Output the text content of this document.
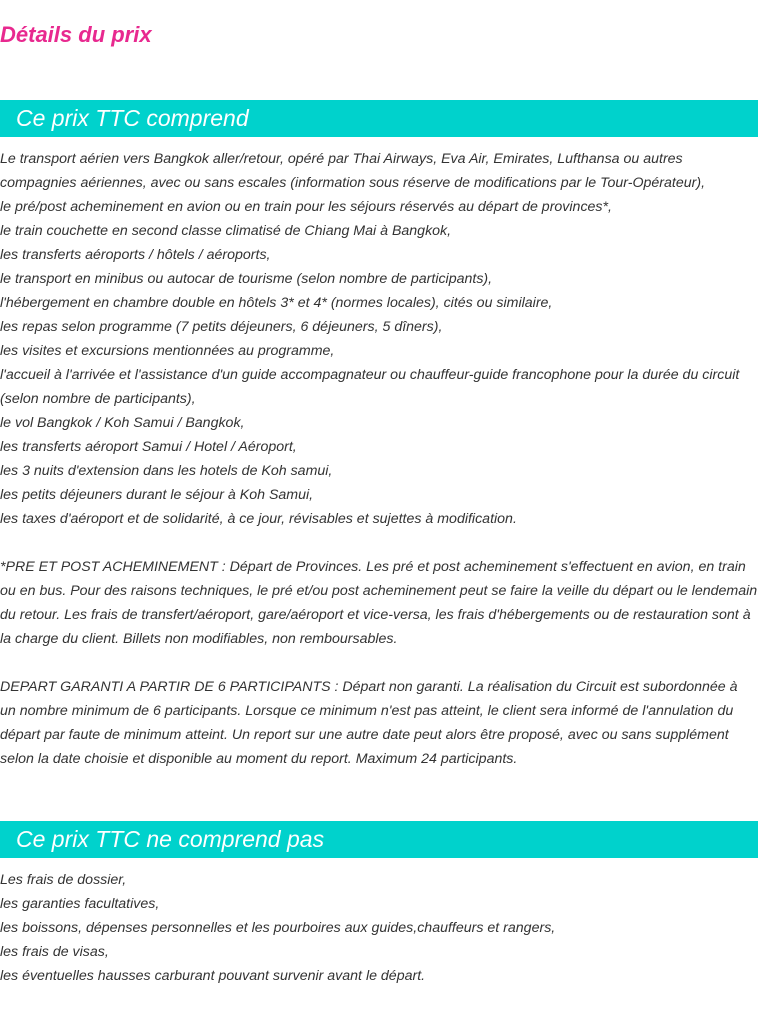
Détails du prix
Ce prix TTC comprend
Le transport aérien vers Bangkok aller/retour, opéré par Thai Airways, Eva Air, Emirates, Lufthansa ou autres
compagnies aériennes, avec ou sans escales (information sous réserve de modifications par le Tour-Opérateur),
le pré/post acheminement en avion ou en train pour les séjours réservés au départ de provinces*,
le train couchette en second classe climatisé de Chiang Mai à Bangkok,
les transferts aéroports / hôtels / aéroports,
le transport en minibus ou autocar de tourisme (selon nombre de participants),
l'hébergement en chambre double en hôtels 3* et 4* (normes locales), cités ou similaire,
les repas selon programme (7 petits déjeuners, 6 déjeuners, 5 dîners),
les visites et excursions mentionnées au programme,
l'accueil à l'arrivée et l'assistance d'un guide accompagnateur ou chauffeur-guide francophone pour la durée du circuit
(selon nombre de participants),
le vol Bangkok / Koh Samui / Bangkok,
les transferts aéroport Samui / Hotel / Aéroport,
les 3 nuits d'extension dans les hotels de Koh samui,
les petits déjeuners durant le séjour à Koh Samui,
les taxes d'aéroport et de solidarité, à ce jour, révisables et sujettes à modification.
*PRE ET POST ACHEMINEMENT : Départ de Provinces. Les pré et post acheminement s'effectuent en avion, en train
ou en bus. Pour des raisons techniques, le pré et/ou post acheminement peut se faire la veille du départ ou le lendemain
du retour. Les frais de transfert/aéroport, gare/aéroport et vice-versa, les frais d'hébergements ou de restauration sont à
la charge du client. Billets non modifiables, non remboursables.
DEPART GARANTI A PARTIR DE 6 PARTICIPANTS : Départ non garanti. La réalisation du Circuit est subordonnée à
un nombre minimum de 6 participants. Lorsque ce minimum n'est pas atteint, le client sera informé de l'annulation du
départ par faute de minimum atteint. Un report sur une autre date peut alors être proposé, avec ou sans supplément
selon la date choisie et disponible au moment du report. Maximum 24 participants.
Ce prix TTC ne comprend pas
Les frais de dossier,
les garanties facultatives,
les boissons, dépenses personnelles et les pourboires aux guides,chauffeurs et rangers,
les frais de visas,
les éventuelles hausses carburant pouvant survenir avant le départ.
